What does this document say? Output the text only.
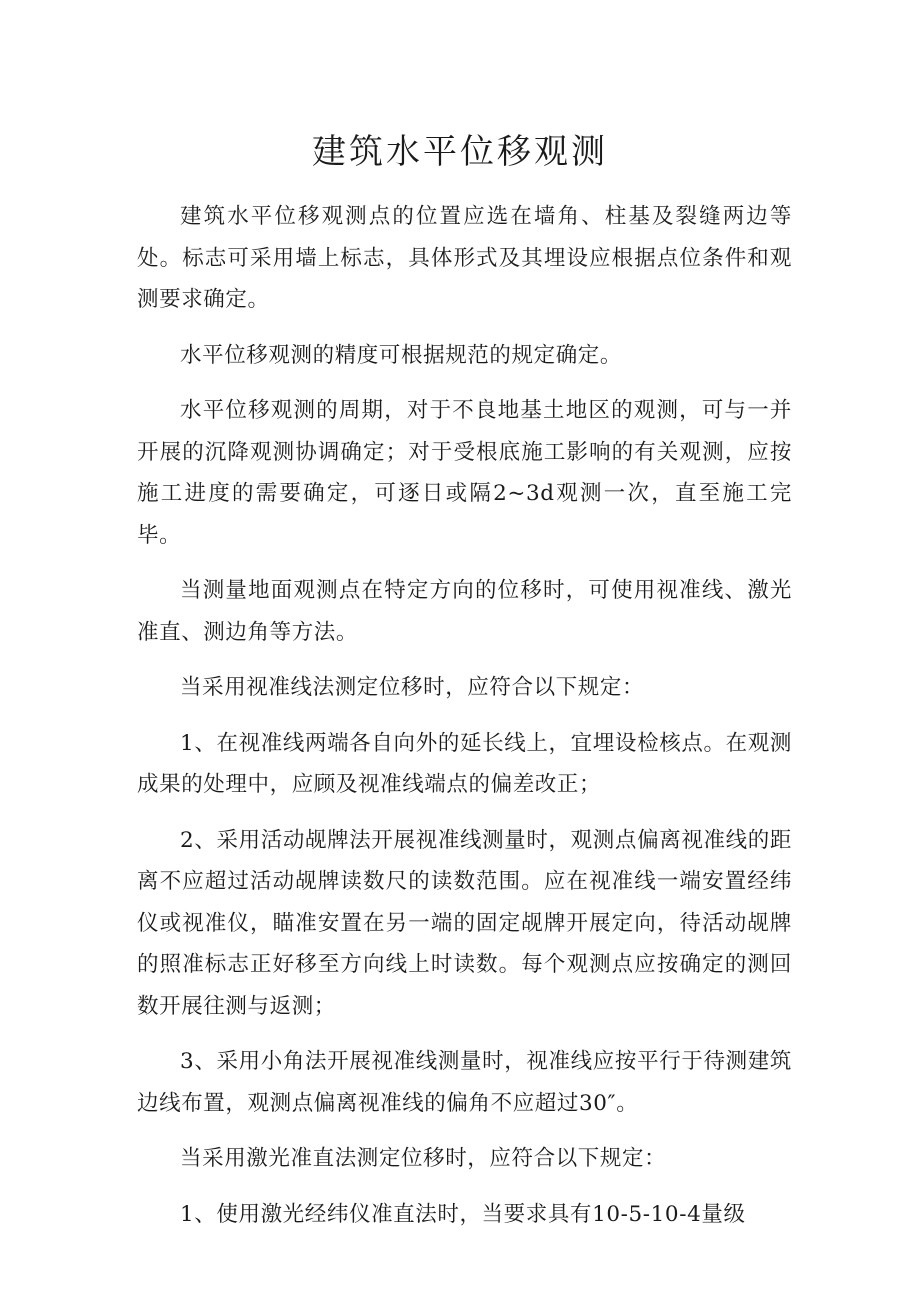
建筑水平位移观测

建筑水平位移观测点的位置应选在墙角、柱基及裂缝两边等处。标志可采用墙上标志，具体形式及其埋设应根据点位条件和观测要求确定。

水平位移观测的精度可根据规范的规定确定。

水平位移观测的周期，对于不良地基土地区的观测，可与一并开展的沉降观测协调确定；对于受根底施工影响的有关观测，应按施工进度的需要确定，可逐日或隔2~3d观测一次，直至施工完毕。

当测量地面观测点在特定方向的位移时，可使用视准线、激光准直、测边角等方法。

当采用视准线法测定位移时，应符合以下规定：

1、在视准线两端各自向外的延长线上，宜埋设检核点。在观测成果的处理中，应顾及视准线端点的偏差改正；

2、采用活动觇牌法开展视准线测量时，观测点偏离视准线的距离不应超过活动觇牌读数尺的读数范围。应在视准线一端安置经纬仪或视准仪，瞄准安置在另一端的固定觇牌开展定向，待活动觇牌的照准标志正好移至方向线上时读数。每个观测点应按确定的测回数开展往测与返测；

3、采用小角法开展视准线测量时，视准线应按平行于待测建筑边线布置，观测点偏离视准线的偏角不应超过30″。

当采用激光准直法测定位移时，应符合以下规定：

1、使用激光经纬仪准直法时，当要求具有10-5-10-4量级
